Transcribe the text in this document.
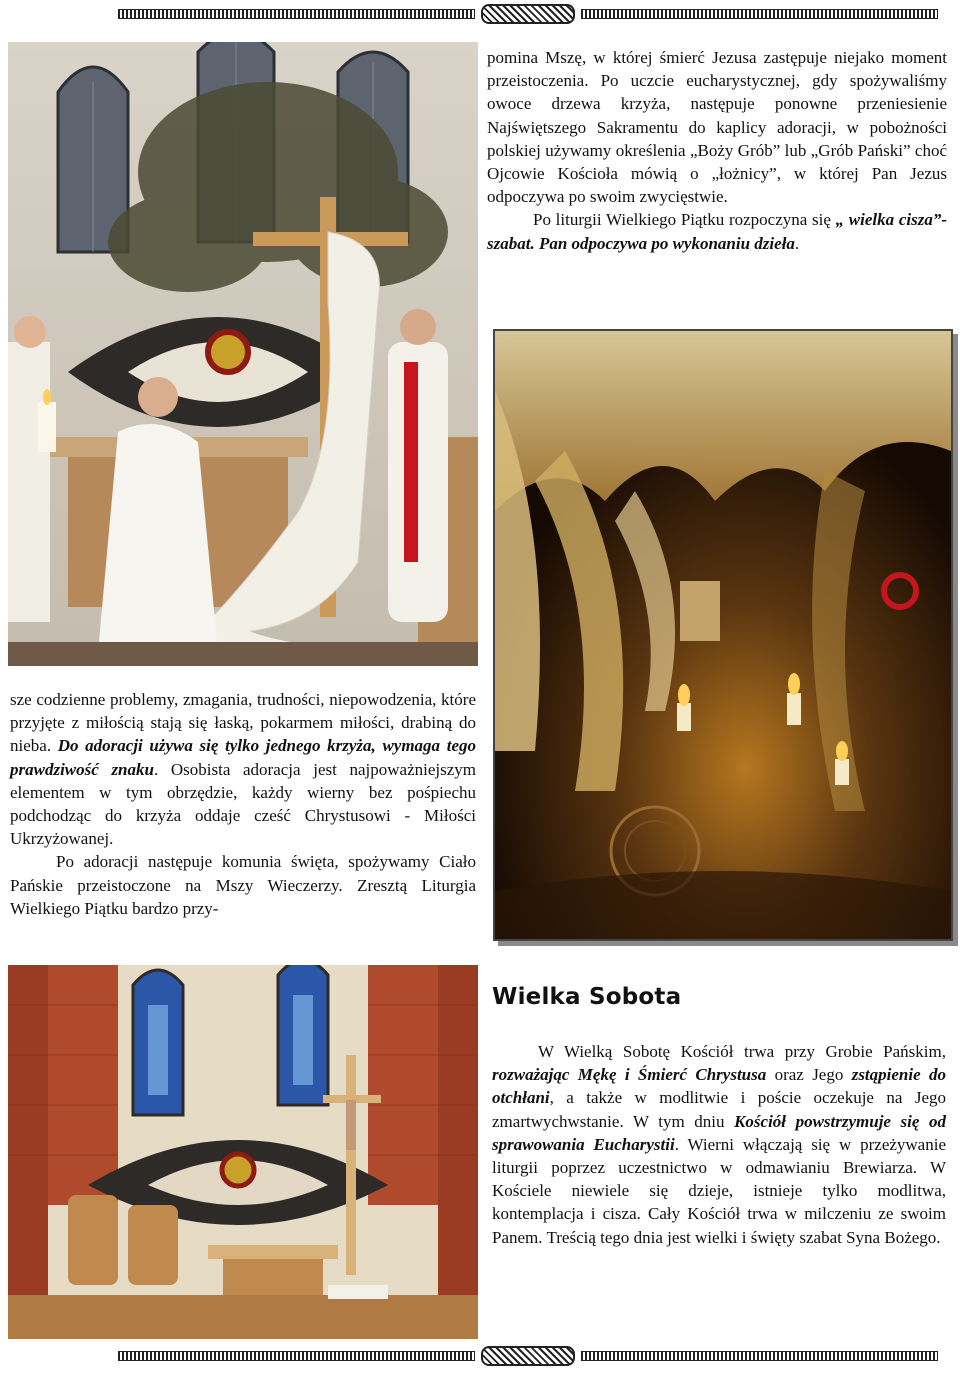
pomina Mszę, w której śmierć Jezusa zastępuje niejako moment przeistoczenia. Po uczcie eucharystycznej, gdy spożywaliśmy owoce drzewa krzyża, następuje ponowne przeniesienie Najświętszego Sakramentu do kaplicy adoracji, w pobożności polskiej używamy określenia „Boży Grób” lub „Grób Pański” choć Ojcowie Kościoła mówią o „łożnicy”, w której Pan Jezus odpoczywa po swoim zwycięstwie.

Po liturgii Wielkiego Piątku rozpoczyna się „ wielka cisza”- szabat. Pan odpoczywa po wykonaniu dzieła.

sze codzienne problemy, zmagania, trudności, niepowodzenia, które przyjęte z miłością stają się łaską, pokarmem miłości, drabiną do nieba. Do adoracji używa się tylko jednego krzyża, wymaga tego prawdziwość znaku. Osobista adoracja jest najpoważniejszym elementem w tym obrzędzie, każdy wierny bez pośpiechu podchodząc do krzyża oddaje cześć Chrystusowi - Miłości Ukrzyżowanej.

Po adoracji następuje komunia święta, spożywamy Ciało Pańskie przeistoczone na Mszy Wieczerzy. Zresztą Liturgia Wielkiego Piątku bardzo przy-

Wielka Sobota

W Wielką Sobotę Kościół trwa przy Grobie Pańskim, rozważając Mękę i Śmierć Chrystusa oraz Jego zstąpienie do otchłani, a także w modlitwie i poście oczekuje na Jego zmartwychwstanie. W tym dniu Kościół powstrzymuje się od sprawowania Eucharystii. Wierni włączają się w przeżywanie liturgii poprzez uczestnictwo w odmawianiu Brewiarza. W Kościele niewiele się dzieje, istnieje tylko modlitwa, kontemplacja i cisza. Cały Kościół trwa w milczeniu ze swoim Panem. Treścią tego dnia jest wielki i święty szabat Syna Bożego.
